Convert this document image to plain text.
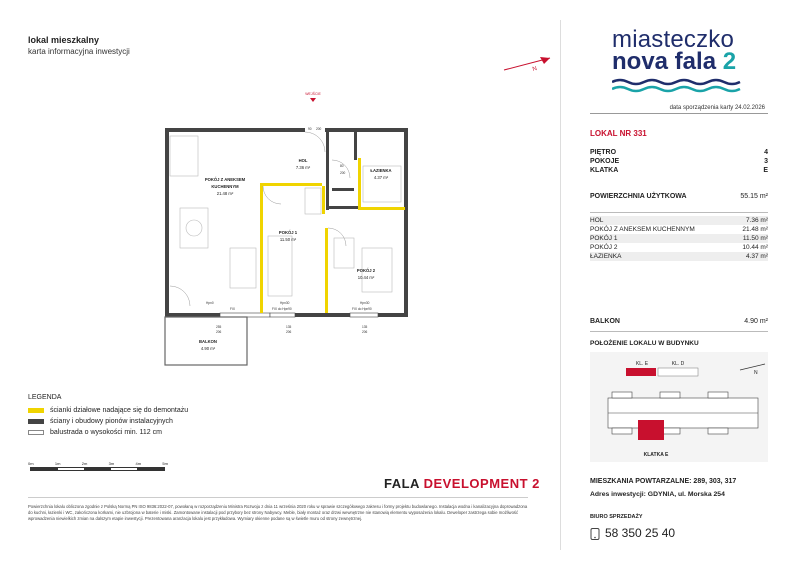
lokal mieszkalny
karta informacyjna inwestycji
N
miasteczko
nova fala 2
data sporządzenia karty 24.02.2026
LOKAL NR 331
PIĘTRO	4
POKOJE	3
KLATKA	E
POWIERZCHNIA UŻYTKOWA	55.15 m²
HOL	7.36 m²
POKÓJ Z ANEKSEM KUCHENNYM	21.48 m²
POKÓJ 1	11.50 m²
POKÓJ 2	10.44 m²
ŁAZIENKA	4.37 m²
BALKON	4.90 m²
POŁOŻENIE LOKALU W BUDYNKU
KL. E	KL. D
N
KLATKA E
MIESZKANIA POWTARZALNE: 289, 303, 317
Adres inwestycji: GDYNIA, ul. Morska 254
BIURO SPRZEDAŻY
58 350 25 40
WEJŚCIE
HOL
7.36 m²
POKÓJ Z ANEKSEM
KUCHENNYM
21.48 m²
POKÓJ 1
11.50 m²
POKÓJ 2
10.44 m²
ŁAZIENKA
4.37 m²
BALKON
4.90 m²
90 200
80
200
FIX
Hpn0	Hpn30	Hpn30
FIX do Hpn90	FIX do Hpn90
255
206
135
206
135
206
LEGENDA
ścianki działowe nadające się do demontażu
ściany i obudowy pionów instalacyjnych
balustrada o wysokości min. 112 cm
0m	1m	2m	3m	4m	5m
FALA DEVELOPMENT 2
Powierzchnia lokalu obliczona zgodnie z Polską Normą PN ISO 9836:2022-07, powołaną w rozporządzeniu Ministra Rozwoju z dnia 11 września 2020 roku w sprawie szczegółowego zakresu i formy projektu budowlanego. Instalacja wodna i kanalizacyjna doprowadzona do kuchni, łazienki i WC, zakończona korkami, nie uzbrojona w baterie i miski. Zamontowane instalacji pod przybory bez strony Nabywcy. Meble, biały montaż oraz drzwi wewnętrzne nie stanowią elementu wyposażenia lokalu. Deweloper zastrzega sobie możliwość wprowadzenia niewielkich zmian na dalszym etapie inwestycji. Prezentowana aranżacja lokalu jest przykładowa. Wymiary okienne podane są w świetle muru od strony zewnętrznej.
